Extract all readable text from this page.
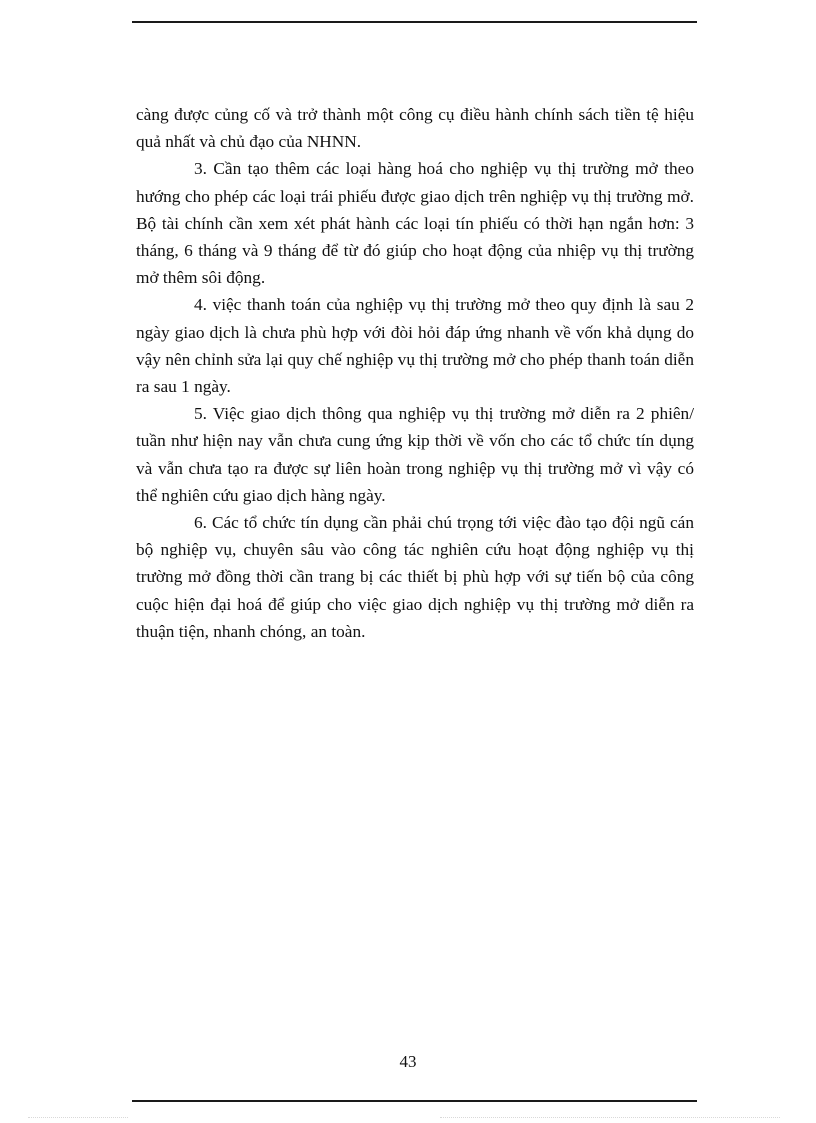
càng được củng cố và trở thành một công cụ điều hành chính sách tiền tệ hiệu quả nhất và chủ đạo của NHNN.

3. Cần tạo thêm các loại hàng hoá cho nghiệp vụ thị trường mở theo hướng cho phép các loại trái phiếu được giao dịch trên nghiệp vụ thị trường mở. Bộ tài chính cần xem xét phát hành các loại tín phiếu có thời hạn ngắn hơn: 3 tháng, 6 tháng và 9 tháng để từ đó giúp cho hoạt động của nhiệp vụ thị trường mở thêm sôi động.

4. việc thanh toán của nghiệp vụ thị trường mở theo quy định là sau 2 ngày giao dịch là chưa phù hợp với đòi hỏi đáp ứng nhanh về vốn khả dụng do vậy nên chỉnh sửa lại quy chế nghiệp vụ thị trường mở cho phép thanh toán diễn ra sau 1 ngày.

5. Việc giao dịch thông qua nghiệp vụ thị trường mở diễn ra 2 phiên/ tuần như hiện nay vẫn chưa cung ứng kịp thời về vốn cho các tổ chức tín dụng và vẫn chưa tạo ra được sự liên hoàn trong nghiệp vụ thị trường mở vì vậy có thể nghiên cứu giao dịch hàng ngày.

6. Các tổ chức tín dụng cần phải chú trọng tới việc đào tạo đội ngũ cán bộ nghiệp vụ, chuyên sâu vào công tác nghiên cứu hoạt động nghiệp vụ thị trường mở đồng thời cần trang bị các thiết bị phù hợp với sự tiến bộ của công cuộc hiện đại hoá để giúp cho việc giao dịch nghiệp vụ thị trường mở diễn ra thuận tiện, nhanh chóng, an toàn.

43
